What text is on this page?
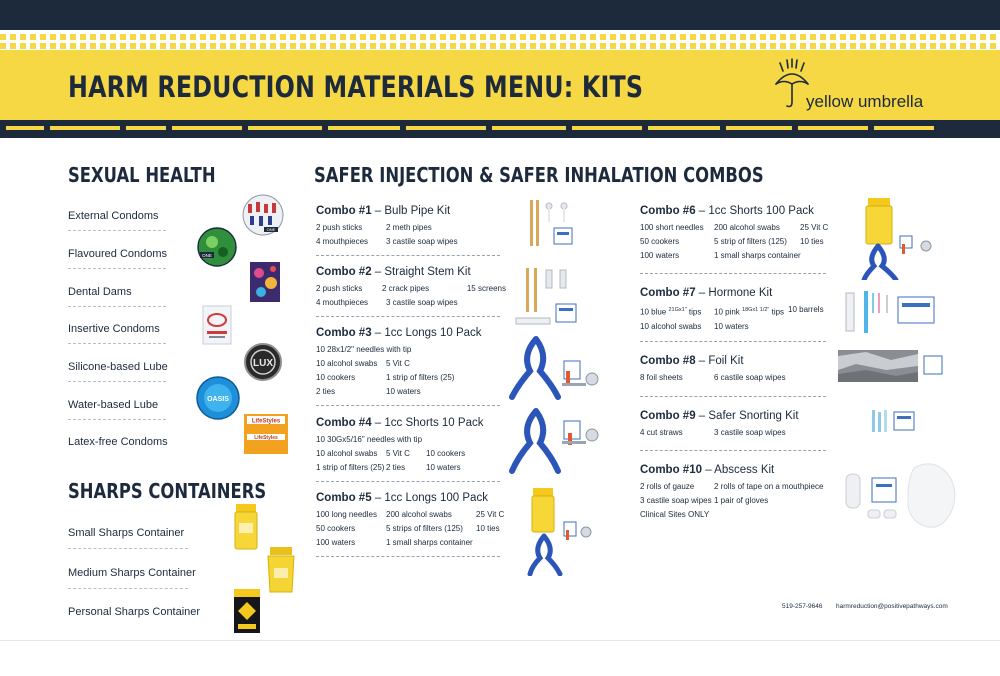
HARM REDUCTION MATERIALS MENU: KITS	yellow umbrella
SEXUAL HEALTH
External Condoms
Flavoured Condoms
Dental Dams
Insertive Condoms
Silicone-based Lube
Water-based Lube
Latex-free Condoms
ONE
ONE
LUX
OASIS
LifeStyles
LifeStyles
SHARPS CONTAINERS
Small Sharps Container
Medium Sharps Container
Personal Sharps Container
SAFER INJECTION & SAFER INHALATION COMBOS
Combo #1 – Bulb Pipe Kit
2 push sticks	2 meth pipes
4 mouthpieces	3 castile soap wipes
Combo #2 – Straight Stem Kit
2 push sticks	2 crack pipes	15 screens
4 mouthpieces	3 castile soap wipes
Combo #3 – 1cc Longs 10 Pack
10 28x1/2" needles with tip
10 alcohol swabs	5 Vit C
10 cookers	1 strip of filters (25)
2 ties	10 waters
Combo #4 – 1cc Shorts 10 Pack
10 30Gx5/16" needles with tip
10 alcohol swabs	5 Vit C	10 cookers
1 strip of filters (25) 2 ties	10 waters
Combo #5 – 1cc Longs 100 Pack
100 long needles	200 alcohol swabs	25 Vit C
50 cookers	5 strips of filters (125)	10 ties
100 waters	1 small sharps container
Combo #6 – 1cc Shorts 100 Pack
100 short needles	200 alcohol swabs	25 Vit C
50 cookers	5 strip of filters (125)	10 ties
100 waters	1 small sharps container
Combo #7 – Hormone Kit
10 blue $^{21Gx1"}$ tips	10 pink $^{18Gx1 1/2"}$ tips 10 barrels
10 alcohol swabs	10 waters
Combo #8 – Foil Kit
8 foil sheets	6 castile soap wipes
Combo #9 – Safer Snorting Kit
4 cut straws	3 castile soap wipes
Combo #10 – Abscess Kit
2 rolls of gauze	2 rolls of tape on a mouthpiece
3 castile soap wipes 1 pair of gloves
Clinical Sites ONLY
519-257-9646 harmreduction@positivepathways.com
